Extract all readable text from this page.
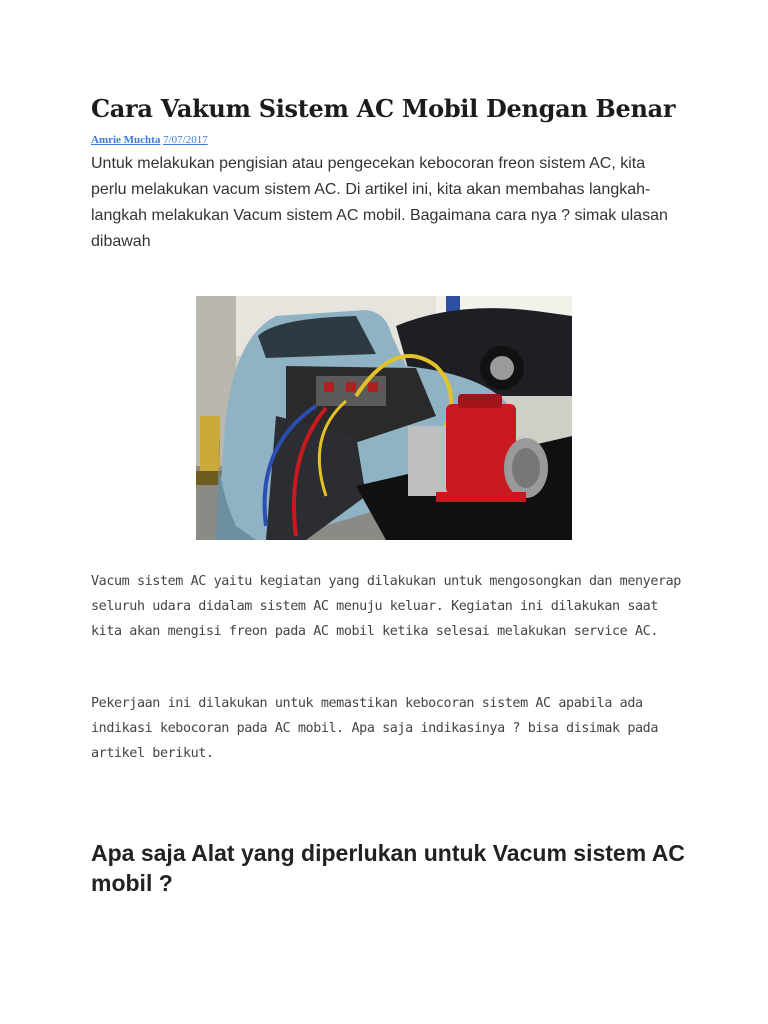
Cara Vakum Sistem AC Mobil Dengan Benar
Amrie Muchta 7/07/2017

Untuk melakukan pengisian atau pengecekan kebocoran freon sistem AC, kita perlu melakukan vacum sistem AC. Di artikel ini, kita akan membahas langkah-langkah melakukan Vacum sistem AC mobil. Bagaimana cara nya ? simak ulasan dibawah

Vacum sistem AC yaitu kegiatan yang dilakukan untuk mengosongkan dan menyerap seluruh udara didalam sistem AC menuju keluar. Kegiatan ini dilakukan saat kita akan mengisi freon pada AC mobil ketika selesai melakukan service AC.

Pekerjaan ini dilakukan untuk memastikan kebocoran sistem AC apabila ada indikasi kebocoran pada AC mobil. Apa saja indikasinya ? bisa disimak pada artikel berikut.

Apa saja Alat yang diperlukan untuk Vacum sistem AC mobil ?
